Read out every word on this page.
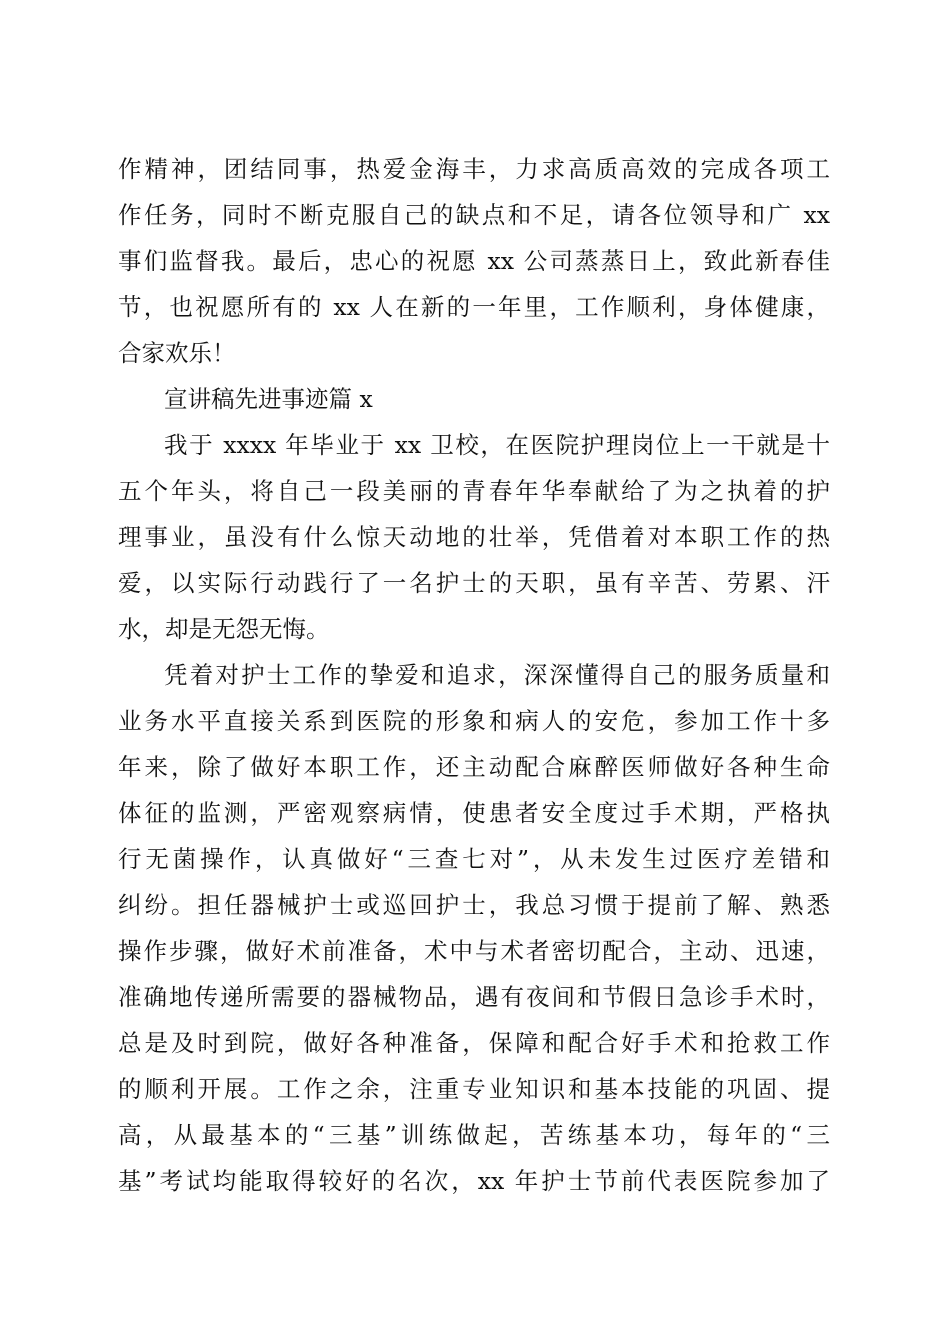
作精神，团结同事，热爱金海丰，力求高质高效的完成各项工
作任务，同时不断克服自己的缺点和不足，请各位领导和广 xx
事们监督我。最后，忠心的祝愿 xx 公司蒸蒸日上，致此新春佳
节，也祝愿所有的 xx 人在新的一年里，工作顺利，身体健康，
合家欢乐！
宣讲稿先进事迹篇 x
我于 xxxx 年毕业于 xx 卫校，在医院护理岗位上一干就是十
五个年头，将自己一段美丽的青春年华奉献给了为之执着的护
理事业，虽没有什么惊天动地的壮举，凭借着对本职工作的热
爱，以实际行动践行了一名护士的天职，虽有辛苦、劳累、汗
水，却是无怨无悔。
凭着对护士工作的挚爱和追求，深深懂得自己的服务质量和
业务水平直接关系到医院的形象和病人的安危，参加工作十多
年来，除了做好本职工作，还主动配合麻醉医师做好各种生命
体征的监测，严密观察病情，使患者安全度过手术期，严格执
行无菌操作，认真做好“三查七对”，从未发生过医疗差错和
纠纷。担任器械护士或巡回护士，我总习惯于提前了解、熟悉
操作步骤，做好术前准备，术中与术者密切配合，主动、迅速，
准确地传递所需要的器械物品，遇有夜间和节假日急诊手术时，
总是及时到院，做好各种准备，保障和配合好手术和抢救工作
的顺利开展。工作之余，注重专业知识和基本技能的巩固、提
高，从最基本的“三基”训练做起，苦练基本功，每年的“三
基”考试均能取得较好的名次，xx 年护士节前代表医院参加了
